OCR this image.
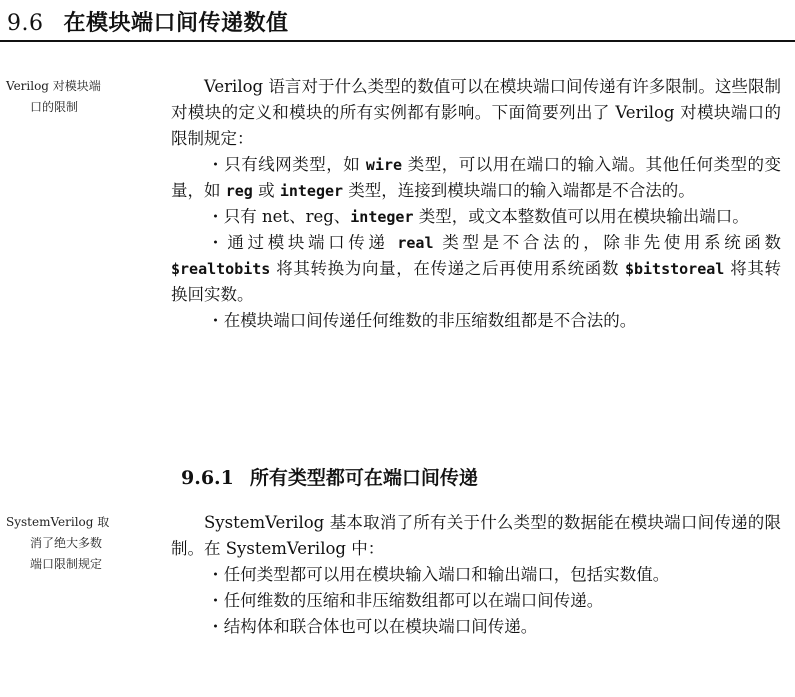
9.6 在模块端口间传递数值
Verilog 对模块端
口的限制

Verilog 语言对于什么类型的数值可以在模块端口间传递有许多限制。这些限制对模块的定义和模块的所有实例都有影响。下面简要列出了 Verilog 对模块端口的限制规定：

・只有线网类型，如 wire 类型，可以用在端口的输入端。其他任何类型的变量，如 reg 或 integer 类型，连接到模块端口的输入端都是不合法的。

・只有 net、reg、integer 类型，或文本整数值可以用在模块输出端口。

・通过模块端口传递 real 类型是不合法的，除非先使用系统函数 $realtobits 将其转换为向量，在传递之后再使用系统函数 $bitstoreal 将其转换回实数。

・在模块端口间传递任何维数的非压缩数组都是不合法的。

9.6.1 所有类型都可在端口间传递
SystemVerilog 取
消了绝大多数
端口限制规定

SystemVerilog 基本取消了所有关于什么类型的数据能在模块端口间传递的限制。在 SystemVerilog 中：

・任何类型都可以用在模块输入端口和输出端口，包括实数值。

・任何维数的压缩和非压缩数组都可以在端口间传递。

・结构体和联合体也可以在模块端口间传递。
